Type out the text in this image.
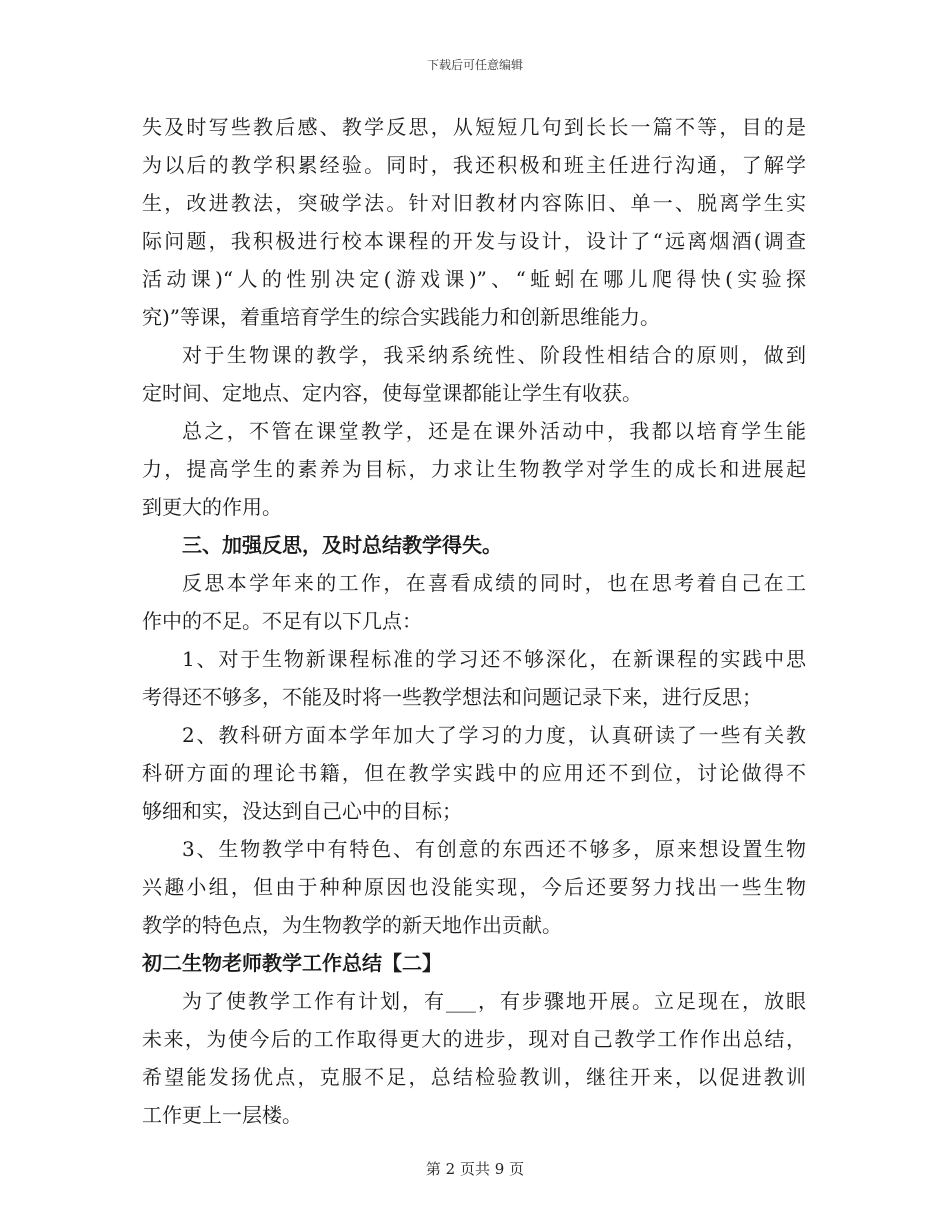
下载后可任意编辑

失及时写些教后感、教学反思，从短短几句到长长一篇不等，目的是
为以后的教学积累经验。同时，我还积极和班主任进行沟通，了解学
生，改进教法，突破学法。针对旧教材内容陈旧、单一、脱离学生实
际问题，我积极进行校本课程的开发与设计，设计了“远离烟酒(调查
活动课)“人的性别决定(游戏课)”、“蚯蚓在哪儿爬得快(实验探
究)”等课，着重培育学生的综合实践能力和创新思维能力。

对于生物课的教学，我采纳系统性、阶段性相结合的原则，做到
定时间、定地点、定内容，使每堂课都能让学生有收获。

总之，不管在课堂教学，还是在课外活动中，我都以培育学生能
力，提高学生的素养为目标，力求让生物教学对学生的成长和进展起
到更大的作用。

三、加强反思，及时总结教学得失。

反思本学年来的工作，在喜看成绩的同时，也在思考着自己在工
作中的不足。不足有以下几点：

1、对于生物新课程标准的学习还不够深化，在新课程的实践中思
考得还不够多，不能及时将一些教学想法和问题记录下来，进行反思；

2、教科研方面本学年加大了学习的力度，认真研读了一些有关教
科研方面的理论书籍，但在教学实践中的应用还不到位，讨论做得不
够细和实，没达到自己心中的目标；

3、生物教学中有特色、有创意的东西还不够多，原来想设置生物
兴趣小组，但由于种种原因也没能实现，今后还要努力找出一些生物
教学的特色点，为生物教学的新天地作出贡献。

初二生物老师教学工作总结【二】

为了使教学工作有计划，有___，有步骤地开展。立足现在，放眼
未来，为使今后的工作取得更大的进步，现对自己教学工作作出总结，
希望能发扬优点，克服不足，总结检验教训，继往开来，以促进教训
工作更上一层楼。

第 2 页共 9 页
